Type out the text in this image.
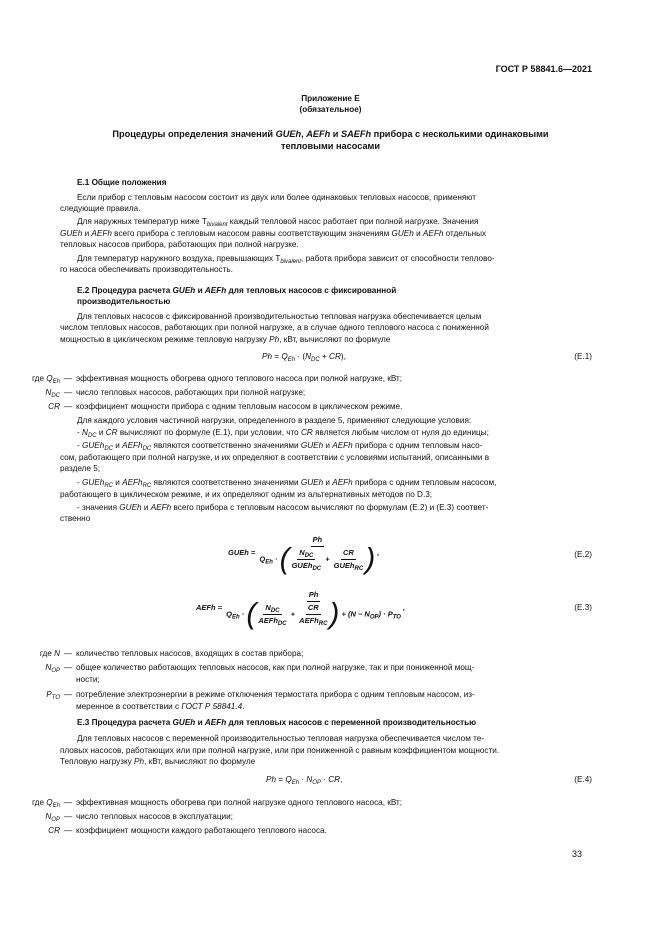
ГОСТ Р 58841.6—2021
Приложение Е
(обязательное)
Процедуры определения значений GUEh, AEFh и SAEFh прибора с несколькими одинаковыми
тепловыми насосами
Е.1 Общие положения
Если прибор с тепловым насосом состоит из двух или более одинаковых тепловых насосов, применяют
следующие правила.
Для наружных температур ниже $T_{bivalent}$ каждый тепловой насос работает при полной нагрузке. Значения
GUEh и AEFh всего прибора с тепловым насосом равны соответствующим значениям GUEh и AEFh отдельных
тепловых насосов прибора, работающих при полной нагрузке.
Для температур наружного воздуха, превышающих $T_{bivalent}$, работа прибора зависит от способности теплово-
го насоса обеспечивать производительность.
Е.2 Процедура расчета GUEh и AEFh для тепловых насосов с фиксированной
производительностью
Для тепловых насосов с фиксированной производительностью тепловая нагрузка обеспечивается целым
числом тепловых насосов, работающих при полной нагрузке, а в случае одного теплового насоса с пониженной
мощностью в циклическом режиме тепловую нагрузку Ph, кВт, вычисляют по формуле
$Ph = Q_{Eh} \cdot (N_{DC} + CR)$,	(Е.1)
где $Q_{Eh}$ — эффективная мощность обогрева одного теплового насоса при полной нагрузке, кВт;
$N_{DC}$ — число тепловых насосов, работающих при полной нагрузке;
CR — коэффициент мощности прибора с одним тепловым насосом в циклическом режиме.
Для каждого условия частичной нагрузки, определенного в разделе 5, применяют следующие условия:
- $N_{DC}$ и CR вычисляют по формуле (Е.1), при условии, что CR является любым числом от нуля до единицы;
- GUEh$_{DC}$ и AEFh$_{DC}$ являются соответственно значениями GUEh и AEFh прибора с одним тепловым насо-
сом, работающего при полной нагрузке, и их определяют в соответствии с условиями испытаний, описанными в
разделе 5;
- GUEh$_{RC}$ и AEFh$_{RC}$ являются соответственно значениями GUEh и AEFh прибора с одним тепловым насосом,
работающего в циклическом режиме, и их определяют одним из альтернативных методов по D.3;
- значения GUEh и AEFh всего прибора с тепловым насосом вычисляют по формулам (Е.2) и (Е.3) соответ-
ственно
GUEh = $\frac{Ph}{Q_{Eh} \cdot ( \frac{N_{DC}}{GUEh_{DC}} + \frac{CR}{GUEh_{RC}} )}$ ,	(Е.2)
AEFh = $\frac{Ph}{Q_{Eh} \cdot ( \frac{N_{DC}}{AEFh_{DC}} + \frac{CR}{AEFh_{RC}} ) + (N - N_{OP}) \cdot P_{TO}}$ ,	(Е.3)
где N — количество тепловых насосов, входящих в состав прибора;
$N_{OP}$ — общее количество работающих тепловых насосов, как при полной нагрузке, так и при пониженной мощ-
ности;
$P_{TO}$ — потребление электроэнергии в режиме отключения термостата прибора с одним тепловым насосом, из-
меренное в соответствии с ГОСТ Р 58841.4.
Е.3 Процедура расчета GUEh и AEFh для тепловых насосов с переменной производительностью
Для тепловых насосов с переменной производительностью тепловая нагрузка обеспечивается числом те-
пловых насосов, работающих или при полной нагрузке, или при пониженной с равным коэффициентом мощности.
Тепловую нагрузку Ph, кВт, вычисляют по формуле
$Ph = Q_{Eh} \cdot N_{OP}$ · CR,	(Е.4)
где $Q_{Eh}$ — эффективная мощность обогрева при полной нагрузке одного теплового насоса, кВт;
$N_{OP}$ — число тепловых насосов в эксплуатации;
CR — коэффициент мощности каждого работающего теплового насоса.
33
